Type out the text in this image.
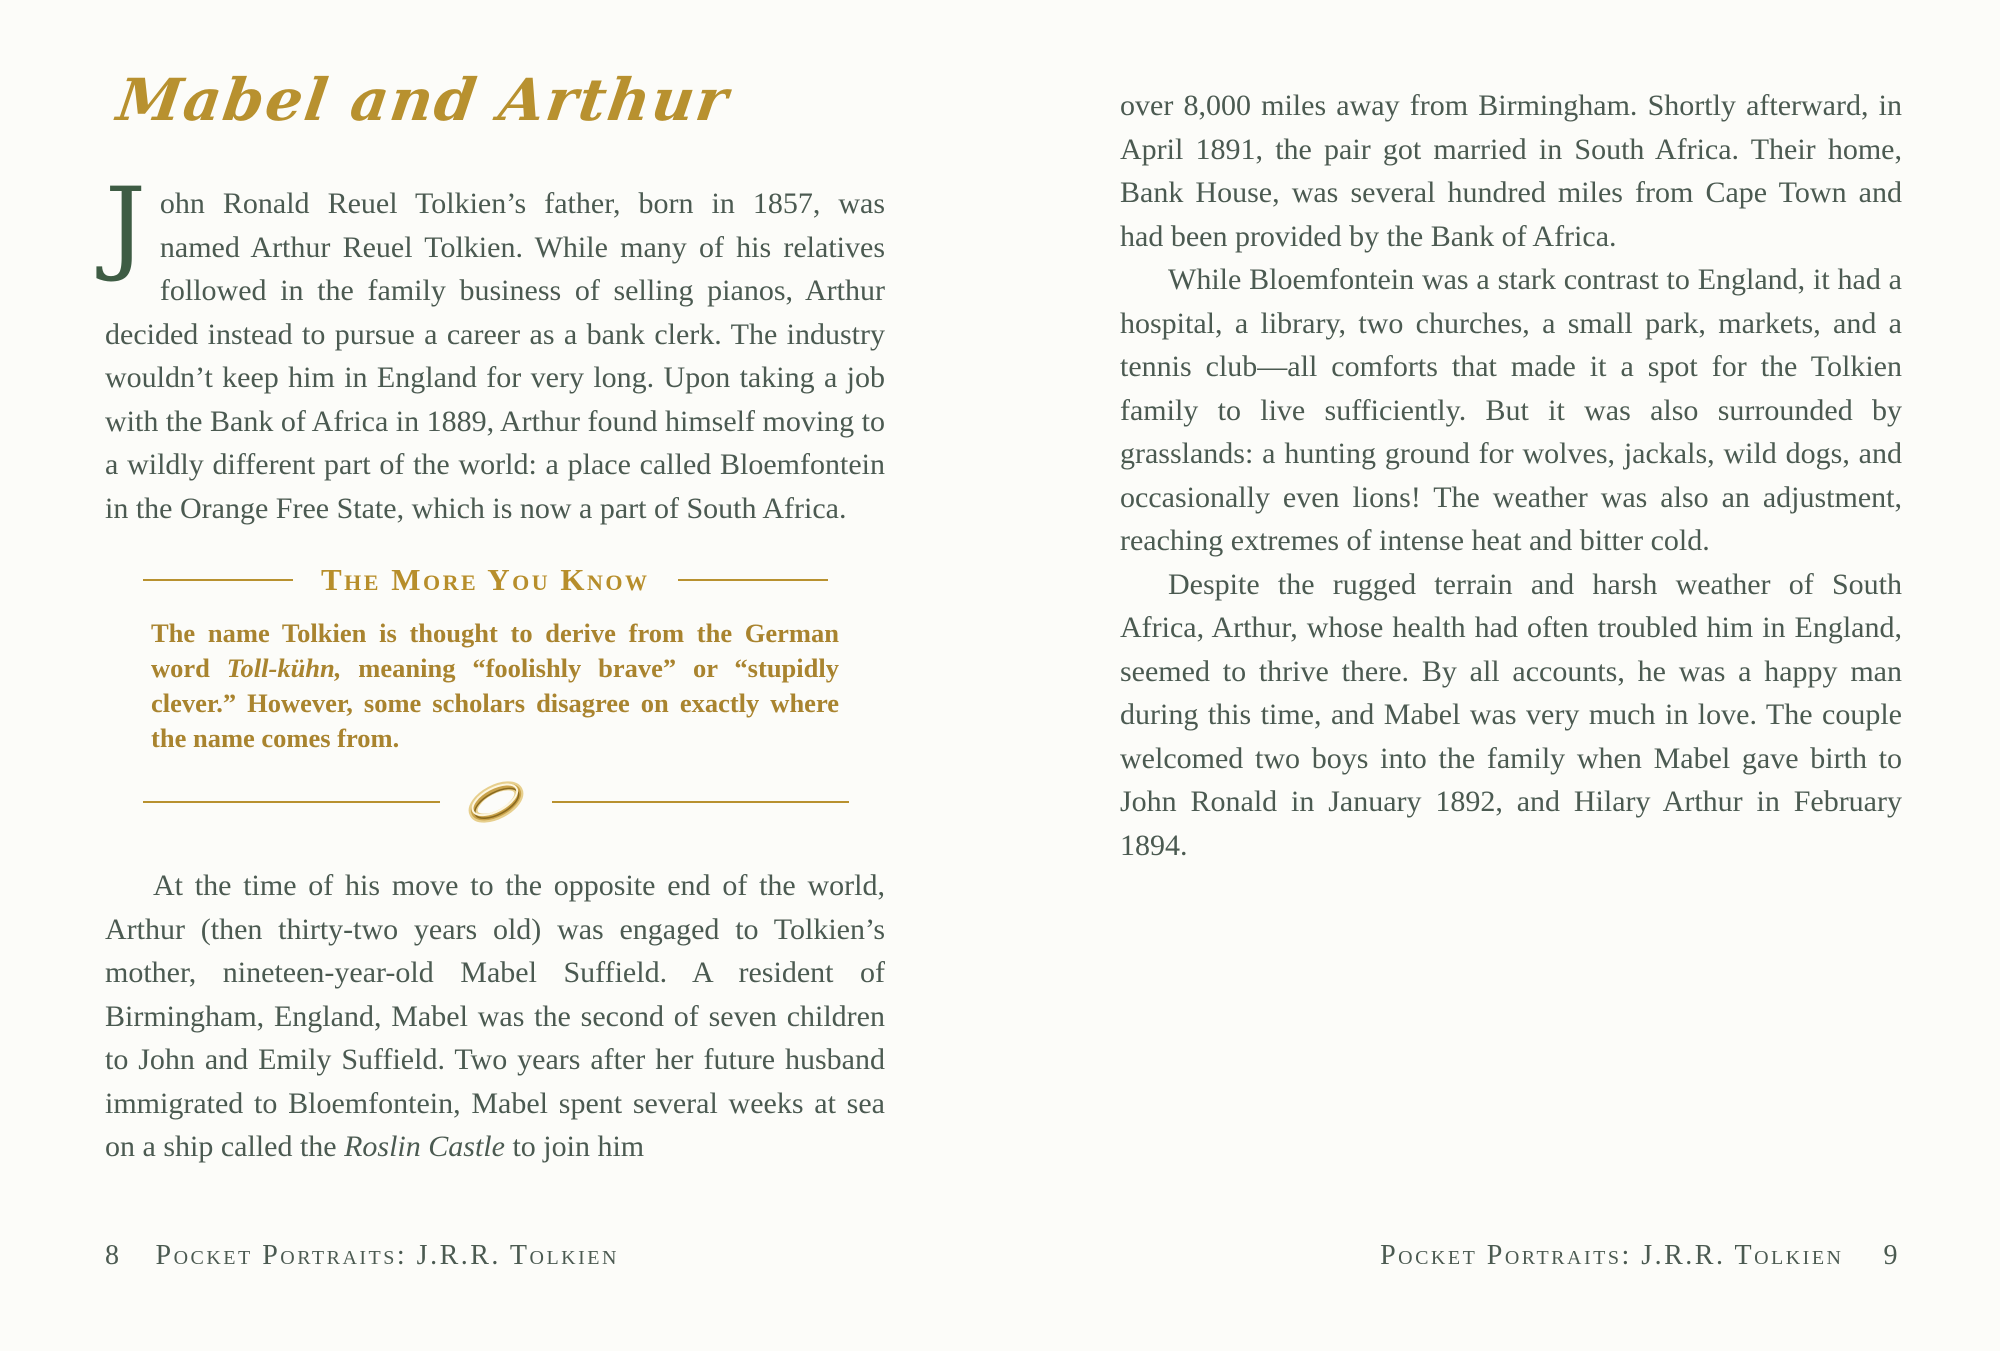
Mabel and Arthur

John Ronald Reuel Tolkien’s father, born in 1857, was named Arthur Reuel Tolkien. While many of his relatives followed in the family business of selling pianos, Arthur decided instead to pursue a career as a bank clerk. The industry wouldn’t keep him in England for very long. Upon taking a job with the Bank of Africa in 1889, Arthur found himself moving to a wildly different part of the world: a place called Bloemfontein in the Orange Free State, which is now a part of South Africa.

The More You Know

The name Tolkien is thought to derive from the German word Toll-kühn, meaning “foolishly brave” or “stupidly clever.” However, some scholars disagree on exactly where the name comes from.

At the time of his move to the opposite end of the world, Arthur (then thirty-two years old) was engaged to Tolkien’s mother, nineteen-year-old Mabel Suffield. A resident of Birmingham, England, Mabel was the second of seven children to John and Emily Suffield. Two years after her future husband immigrated to Bloemfontein, Mabel spent several weeks at sea on a ship called the Roslin Castle to join him

8 Pocket Portraits: J.R.R. Tolkien

over 8,000 miles away from Birmingham. Shortly afterward, in April 1891, the pair got married in South Africa. Their home, Bank House, was several hundred miles from Cape Town and had been provided by the Bank of Africa.

While Bloemfontein was a stark contrast to England, it had a hospital, a library, two churches, a small park, markets, and a tennis club—all comforts that made it a spot for the Tolkien family to live sufficiently. But it was also surrounded by grasslands: a hunting ground for wolves, jackals, wild dogs, and occasionally even lions! The weather was also an adjustment, reaching extremes of intense heat and bitter cold.

Despite the rugged terrain and harsh weather of South Africa, Arthur, whose health had often troubled him in England, seemed to thrive there. By all accounts, he was a happy man during this time, and Mabel was very much in love. The couple welcomed two boys into the family when Mabel gave birth to John Ronald in January 1892, and Hilary Arthur in February 1894.

Pocket Portraits: J.R.R. Tolkien 9
